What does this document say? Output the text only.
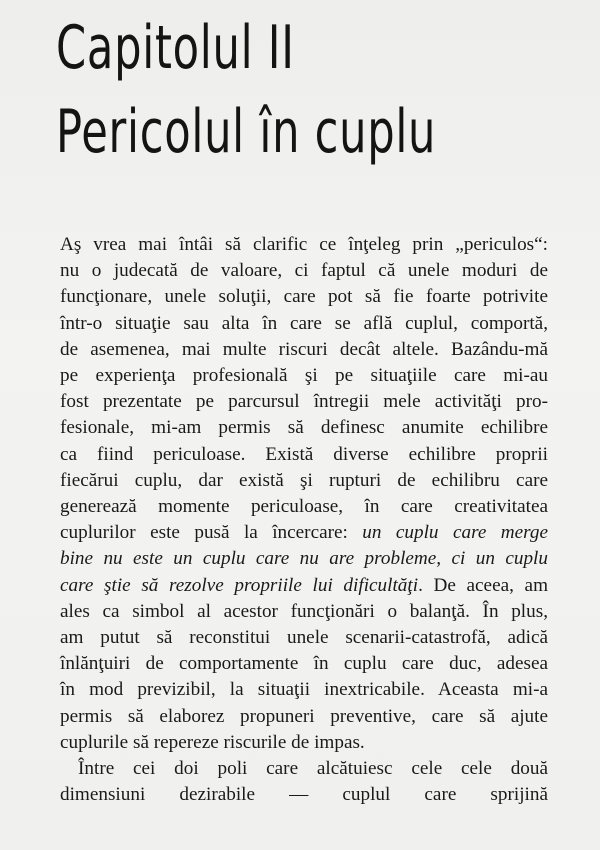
Capitolul II
Pericolul în cuplu

Aş vrea mai întâi să clarific ce înţeleg prin „periculos“:
nu o judecată de valoare, ci faptul că unele moduri de
funcţionare, unele soluţii, care pot să fie foarte potrivite
într-o situaţie sau alta în care se află cuplul, comportă,
de asemenea, mai multe riscuri decât altele. Bazându-mă
pe experienţa profesională şi pe situaţiile care mi-au
fost prezentate pe parcursul întregii mele activităţi pro-
fesionale, mi-am permis să definesc anumite echilibre
ca fiind periculoase. Există diverse echilibre proprii
fiecărui cuplu, dar există şi rupturi de echilibru care
generează momente periculoase, în care creativitatea
cuplurilor este pusă la încercare: un cuplu care merge
bine nu este un cuplu care nu are probleme, ci un cuplu
care ştie să rezolve propriile lui dificultăţi. De aceea, am
ales ca simbol al acestor funcţionări o balanţă. În plus,
am putut să reconstitui unele scenarii-catastrofă, adică
înlănţuiri de comportamente în cuplu care duc, adesea
în mod previzibil, la situaţii inextricabile. Aceasta mi-a
permis să elaborez propuneri preventive, care să ajute
cuplurile să repereze riscurile de impas.

Între cei doi poli care alcătuiesc cele cele două
dimensiuni dezirabile — cuplul care sprijină
